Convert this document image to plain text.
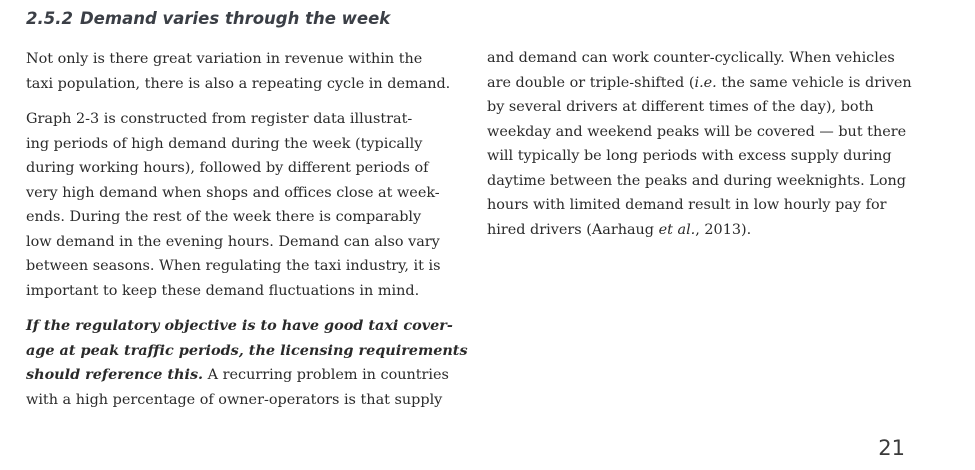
2.5.2 Demand varies through the week
Not only is there great variation in revenue within the
taxi population, there is also a repeating cycle in demand.
Graph 2-3 is constructed from register data illustrat-
ing periods of high demand during the week (typically
during working hours), followed by different periods of
very high demand when shops and offices close at week-
ends. During the rest of the week there is comparably
low demand in the evening hours. Demand can also vary
between seasons. When regulating the taxi industry, it is
important to keep these demand fluctuations in mind.
If the regulatory objective is to have good taxi cover-
age at peak traffic periods, the licensing requirements
should reference this. A recurring problem in countries
with a high percentage of owner-operators is that supply
and demand can work counter-cyclically. When vehicles
are double or triple-shifted (i.e. the same vehicle is driven
by several drivers at different times of the day), both
weekday and weekend peaks will be covered — but there
will typically be long periods with excess supply during
daytime between the peaks and during weeknights. Long
hours with limited demand result in low hourly pay for
hired drivers (Aarhaug et al., 2013).
21
